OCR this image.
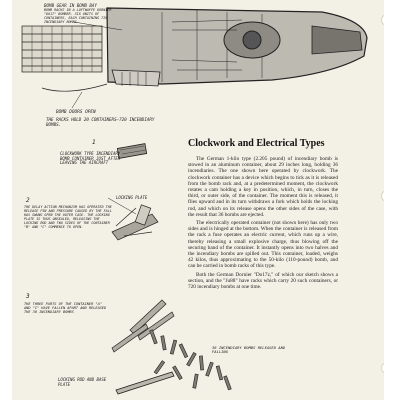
BOMB GEAR IN BOMB BAY
BOMB RACKS IN A LUFTWAFFE DORNIER "DO17" BOMBER. SIX UNITS OF CONTAINERS, EACH CONTAINING 720 INCENDIARY BOMBS.
BOMB DOORS OPEN
THE RACKS HOLD 20 CONTAINERS—720 INCENDIARY BOMBS.
1
CLOCKWORK TYPE INCENDIARY BOMB CONTAINER JUST AFTER LEAVING THE AIRCRAFT
LOCKING PLATE
2
THE DELAY ACTION MECHANISM HAS OPERATED THE RELEASE PIN AND PRESSURE CAUSED BY THE FALL HAS SWUNG OPEN THE OUTER CASE. THE LOCKING PLATE IS THUS UNSEALED, RELEASING THE LOCKING ROD AND TWO SIDES OF THE CONTAINER "B" AND "C" COMMENCE TO OPEN.
3
THE THREE PARTS OF THE CONTAINER "A" AND "C" HAVE FALLEN APART AND RELEASED THE 36 INCENDIARY BOMBS
36 INCENDIARY BOMBS RELEASED AND FALLING
LOCKING ROD AND BASE PLATE
Clockwork and Electrical Types

The German 1-kilo type (2.205 pound) of incendiary bomb is stowed in an aluminum container, about 29 inches long, holding 36 incendiaries. The one shown here operated by clockwork. The clockwork container has a device which begins to tick as it is released from the bomb rack and, at a predetermined moment, the clockwork rotates a cam holding a key in position, which, in turn, closes the third, or outer side, of the container. The moment this is released, it flies upward and in its turn withdraws a fork which holds the locking rod, and which on its release opens the other sides of the case, with the result that 36 bombs are ejected.

The electrically operated container (not shown here) has only two sides and is hinged at the bottom. When the container is released from the rack a fuse operates an electric current, which runs up a wire, thereby releasing a small explosive charge, thus blowing off the securing band of the container. It instantly opens into two halves and the incendiary bombs are spilled out. This container, loaded, weighs 42 kilos, thus approximating to the 50-kilo (110-pound) bomb, and can be carried in bomb racks of this type.

Both the German Dornier "Do17z," of which our sketch shows a section, and the "Ju88" have racks which carry 20 such containers, or 720 incendiary bombs at one time.
